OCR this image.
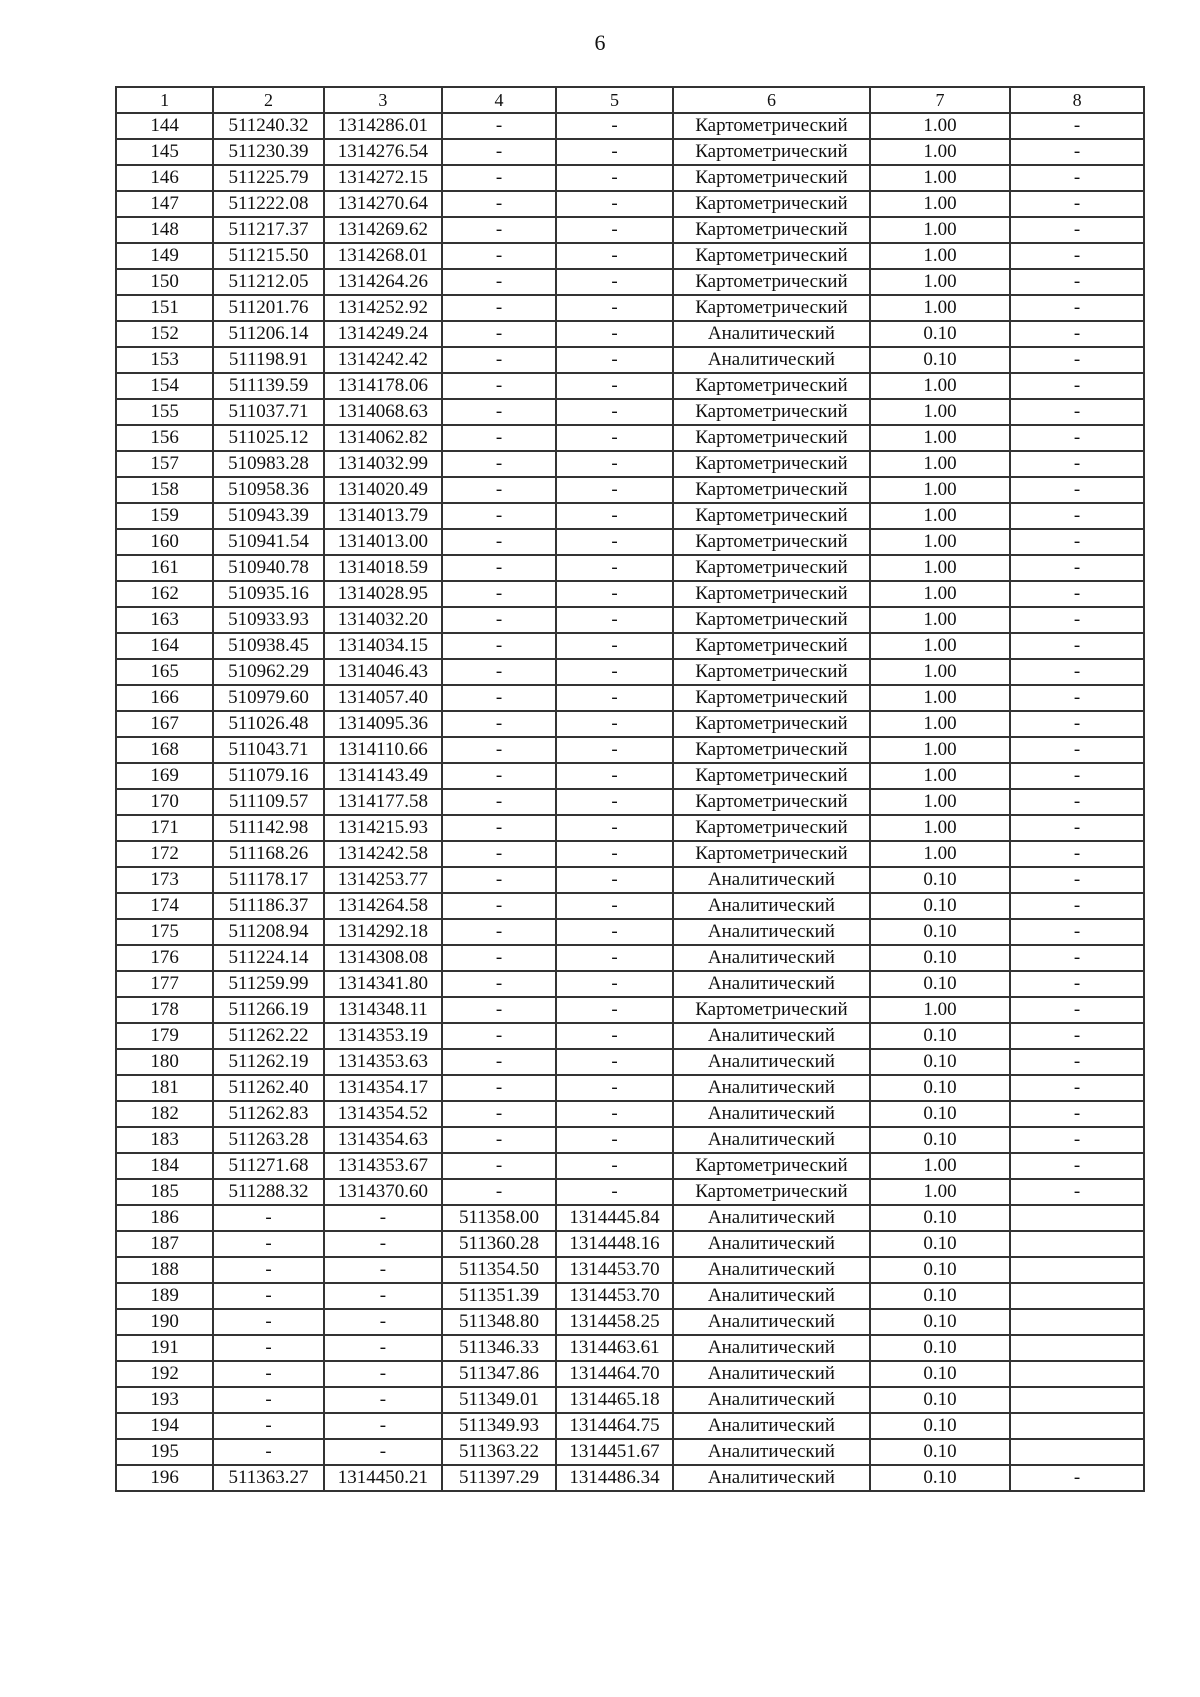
6
1	2	3	4	5	6	7	8
144	511240.32	1314286.01	-	-	Картометрический	1.00	-
145	511230.39	1314276.54	-	-	Картометрический	1.00	-
146	511225.79	1314272.15	-	-	Картометрический	1.00	-
147	511222.08	1314270.64	-	-	Картометрический	1.00	-
148	511217.37	1314269.62	-	-	Картометрический	1.00	-
149	511215.50	1314268.01	-	-	Картометрический	1.00	-
150	511212.05	1314264.26	-	-	Картометрический	1.00	-
151	511201.76	1314252.92	-	-	Картометрический	1.00	-
152	511206.14	1314249.24	-	-	Аналитический	0.10	-
153	511198.91	1314242.42	-	-	Аналитический	0.10	-
154	511139.59	1314178.06	-	-	Картометрический	1.00	-
155	511037.71	1314068.63	-	-	Картометрический	1.00	-
156	511025.12	1314062.82	-	-	Картометрический	1.00	-
157	510983.28	1314032.99	-	-	Картометрический	1.00	-
158	510958.36	1314020.49	-	-	Картометрический	1.00	-
159	510943.39	1314013.79	-	-	Картометрический	1.00	-
160	510941.54	1314013.00	-	-	Картометрический	1.00	-
161	510940.78	1314018.59	-	-	Картометрический	1.00	-
162	510935.16	1314028.95	-	-	Картометрический	1.00	-
163	510933.93	1314032.20	-	-	Картометрический	1.00	-
164	510938.45	1314034.15	-	-	Картометрический	1.00	-
165	510962.29	1314046.43	-	-	Картометрический	1.00	-
166	510979.60	1314057.40	-	-	Картометрический	1.00	-
167	511026.48	1314095.36	-	-	Картометрический	1.00	-
168	511043.71	1314110.66	-	-	Картометрический	1.00	-
169	511079.16	1314143.49	-	-	Картометрический	1.00	-
170	511109.57	1314177.58	-	-	Картометрический	1.00	-
171	511142.98	1314215.93	-	-	Картометрический	1.00	-
172	511168.26	1314242.58	-	-	Картометрический	1.00	-
173	511178.17	1314253.77	-	-	Аналитический	0.10	-
174	511186.37	1314264.58	-	-	Аналитический	0.10	-
175	511208.94	1314292.18	-	-	Аналитический	0.10	-
176	511224.14	1314308.08	-	-	Аналитический	0.10	-
177	511259.99	1314341.80	-	-	Аналитический	0.10	-
178	511266.19	1314348.11	-	-	Картометрический	1.00	-
179	511262.22	1314353.19	-	-	Аналитический	0.10	-
180	511262.19	1314353.63	-	-	Аналитический	0.10	-
181	511262.40	1314354.17	-	-	Аналитический	0.10	-
182	511262.83	1314354.52	-	-	Аналитический	0.10	-
183	511263.28	1314354.63	-	-	Аналитический	0.10	-
184	511271.68	1314353.67	-	-	Картометрический	1.00	-
185	511288.32	1314370.60	-	-	Картометрический	1.00	-
186	-	-	511358.00	1314445.84	Аналитический	0.10	
187	-	-	511360.28	1314448.16	Аналитический	0.10	
188	-	-	511354.50	1314453.70	Аналитический	0.10	
189	-	-	511351.39	1314453.70	Аналитический	0.10	
190	-	-	511348.80	1314458.25	Аналитический	0.10	
191	-	-	511346.33	1314463.61	Аналитический	0.10	
192	-	-	511347.86	1314464.70	Аналитический	0.10	
193	-	-	511349.01	1314465.18	Аналитический	0.10	
194	-	-	511349.93	1314464.75	Аналитический	0.10	
195	-	-	511363.22	1314451.67	Аналитический	0.10	
196	511363.27	1314450.21	511397.29	1314486.34	Аналитический	0.10	-
